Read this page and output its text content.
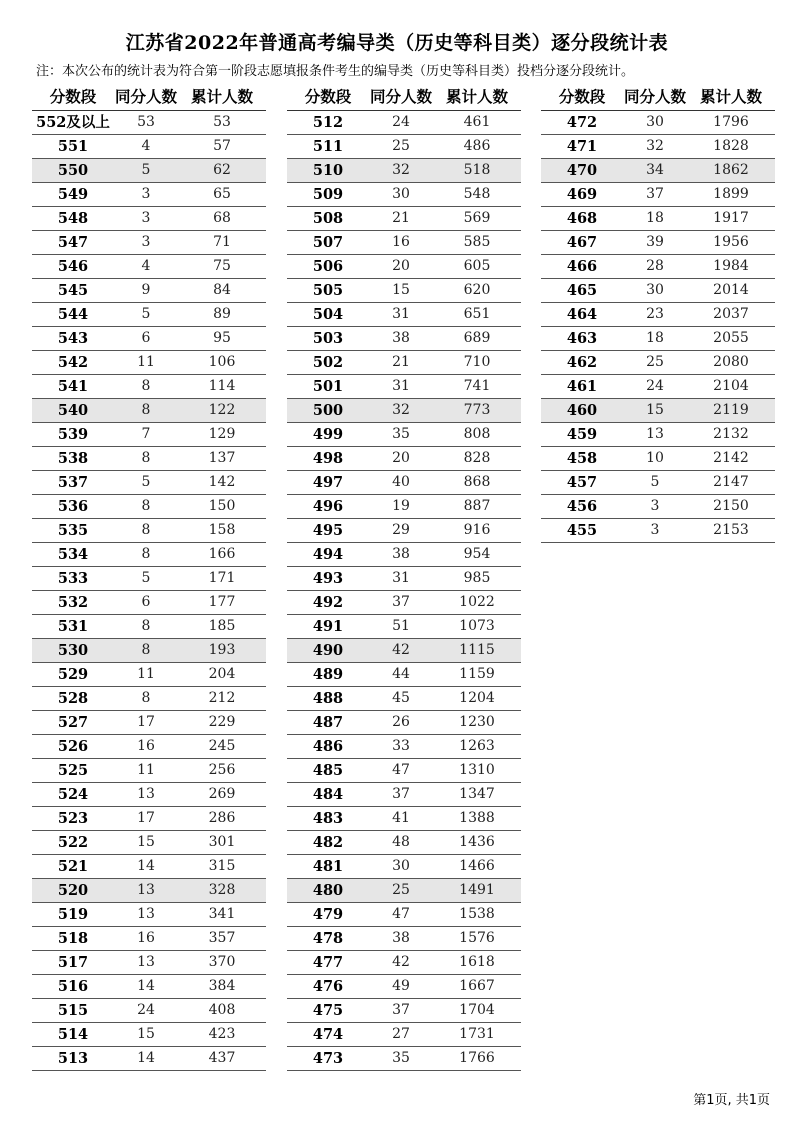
江苏省2022年普通高考编导类（历史等科目类）逐分段统计表
注：本次公布的统计表为符合第一阶段志愿填报条件考生的编导类（历史等科目类）投档分逐分段统计。
分数段	同分人数 累计人数
552及以上	53	53
551	4	57
550	5	62
549	3	65
548	3	68
547	3	71
546	4	75
545	9	84
544	5	89
543	6	95
542	11	106
541	8	114
540	8	122
539	7	129
538	8	137
537	5	142
536	8	150
535	8	158
534	8	166
533	5	171
532	6	177
531	8	185
530	8	193
529	11	204
528	8	212
527	17	229
526	16	245
525	11	256
524	13	269
523	17	286
522	15	301
521	14	315
520	13	328
519	13	341
518	16	357
517	13	370
516	14	384
515	24	408
514	15	423
513	14	437
分数段	同分人数 累计人数
512	24	461
511	25	486
510	32	518
509	30	548
508	21	569
507	16	585
506	20	605
505	15	620
504	31	651
503	38	689
502	21	710
501	31	741
500	32	773
499	35	808
498	20	828
497	40	868
496	19	887
495	29	916
494	38	954
493	31	985
492	37	1022
491	51	1073
490	42	1115
489	44	1159
488	45	1204
487	26	1230
486	33	1263
485	47	1310
484	37	1347
483	41	1388
482	48	1436
481	30	1466
480	25	1491
479	47	1538
478	38	1576
477	42	1618
476	49	1667
475	37	1704
474	27	1731
473	35	1766
分数段	同分人数 累计人数
472	30	1796
471	32	1828
470	34	1862
469	37	1899
468	18	1917
467	39	1956
466	28	1984
465	30	2014
464	23	2037
463	18	2055
462	25	2080
461	24	2104
460	15	2119
459	13	2132
458	10	2142
457	5	2147
456	3	2150
455	3	2153
第1页, 共1页
